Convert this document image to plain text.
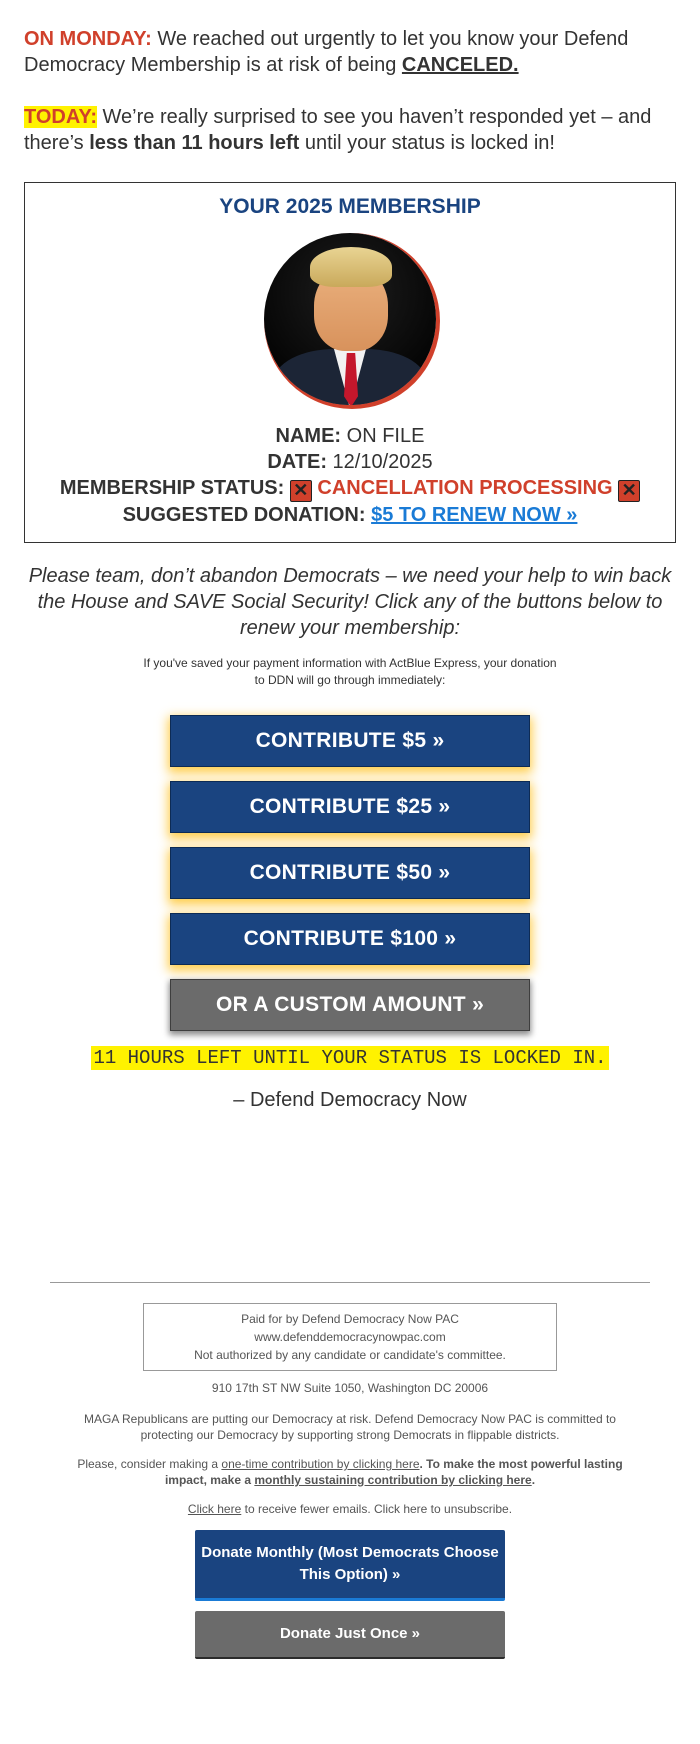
ON MONDAY: We reached out urgently to let you know your Defend Democracy Membership is at risk of being CANCELED.

TODAY: We’re really surprised to see you haven’t responded yet – and there’s less than 11 hours left until your status is locked in!

YOUR 2025 MEMBERSHIP
NAME: ON FILE
DATE: 12/10/2025
MEMBERSHIP STATUS: ✕ CANCELLATION PROCESSING ✕
SUGGESTED DONATION: $5 TO RENEW NOW »

Please team, don’t abandon Democrats – we need your help to win back the House and SAVE Social Security! Click any of the buttons below to renew your membership:

If you've saved your payment information with ActBlue Express, your donation
to DDN will go through immediately:

CONTRIBUTE $5 »
CONTRIBUTE $25 »
CONTRIBUTE $50 »
CONTRIBUTE $100 »
OR A CUSTOM AMOUNT »
11 HOURS LEFT UNTIL YOUR STATUS IS LOCKED IN.
– Defend Democracy Now
Paid for by Defend Democracy Now PAC
www.defenddemocracynowpac.com
Not authorized by any candidate or candidate's committee.
910 17th ST NW Suite 1050, Washington DC 20006

MAGA Republicans are putting our Democracy at risk. Defend Democracy Now PAC is committed to protecting our Democracy by supporting strong Democrats in flippable districts.

Please, consider making a one-time contribution by clicking here. To make the most powerful lasting impact, make a monthly sustaining contribution by clicking here.

Click here to receive fewer emails. Click here to unsubscribe.

Donate Monthly (Most Democrats Choose This Option) »
Donate Just Once »
